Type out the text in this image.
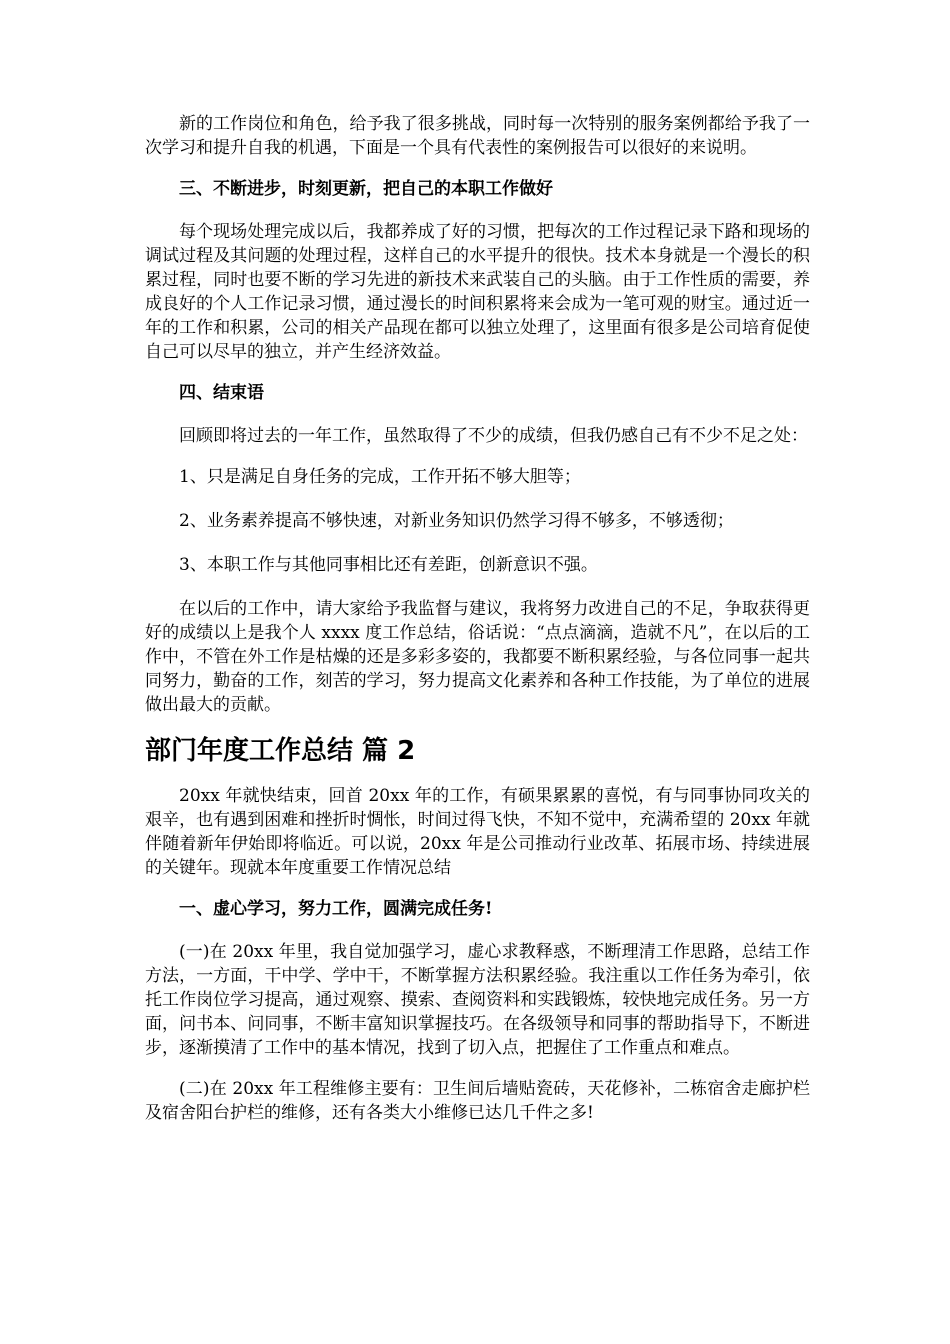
新的工作岗位和角色，给予我了很多挑战，同时每一次特别的服务案例都给予我了一次学习和提升自我的机遇，下面是一个具有代表性的案例报告可以很好的来说明。

三、不断进步，时刻更新，把自己的本职工作做好

每个现场处理完成以后，我都养成了好的习惯，把每次的工作过程记录下路和现场的调试过程及其问题的处理过程，这样自己的水平提升的很快。技术本身就是一个漫长的积累过程，同时也要不断的学习先进的新技术来武装自己的头脑。由于工作性质的需要，养成良好的个人工作记录习惯，通过漫长的时间积累将来会成为一笔可观的财宝。通过近一年的工作和积累，公司的相关产品现在都可以独立处理了，这里面有很多是公司培育促使自己可以尽早的独立，并产生经济效益。

四、结束语

回顾即将过去的一年工作，虽然取得了不少的成绩，但我仍感自己有不少不足之处：

1、只是满足自身任务的完成，工作开拓不够大胆等；

2、业务素养提高不够快速，对新业务知识仍然学习得不够多，不够透彻；

3、本职工作与其他同事相比还有差距，创新意识不强。

在以后的工作中，请大家给予我监督与建议，我将努力改进自己的不足，争取获得更好的成绩以上是我个人 xxxx 度工作总结，俗话说：“点点滴滴，造就不凡”，在以后的工作中，不管在外工作是枯燥的还是多彩多姿的，我都要不断积累经验，与各位同事一起共同努力，勤奋的工作，刻苦的学习，努力提高文化素养和各种工作技能，为了单位的进展做出最大的贡献。

部门年度工作总结 篇 2

20xx 年就快结束，回首 20xx 年的工作，有硕果累累的喜悦，有与同事协同攻关的艰辛，也有遇到困难和挫折时惆怅，时间过得飞快，不知不觉中，充满希望的 20xx 年就伴随着新年伊始即将临近。可以说，20xx 年是公司推动行业改革、拓展市场、持续进展的关键年。现就本年度重要工作情况总结

一、虚心学习，努力工作，圆满完成任务!

(一)在 20xx 年里，我自觉加强学习，虚心求教释惑，不断理清工作思路，总结工作方法，一方面，干中学、学中干，不断掌握方法积累经验。我注重以工作任务为牵引，依托工作岗位学习提高，通过观察、摸索、查阅资料和实践锻炼，较快地完成任务。另一方面，问书本、问同事，不断丰富知识掌握技巧。在各级领导和同事的帮助指导下，不断进步，逐渐摸清了工作中的基本情况，找到了切入点，把握住了工作重点和难点。

(二)在 20xx 年工程维修主要有：卫生间后墙贴瓷砖，天花修补，二栋宿舍走廊护栏及宿舍阳台护栏的维修，还有各类大小维修已达几千件之多!
